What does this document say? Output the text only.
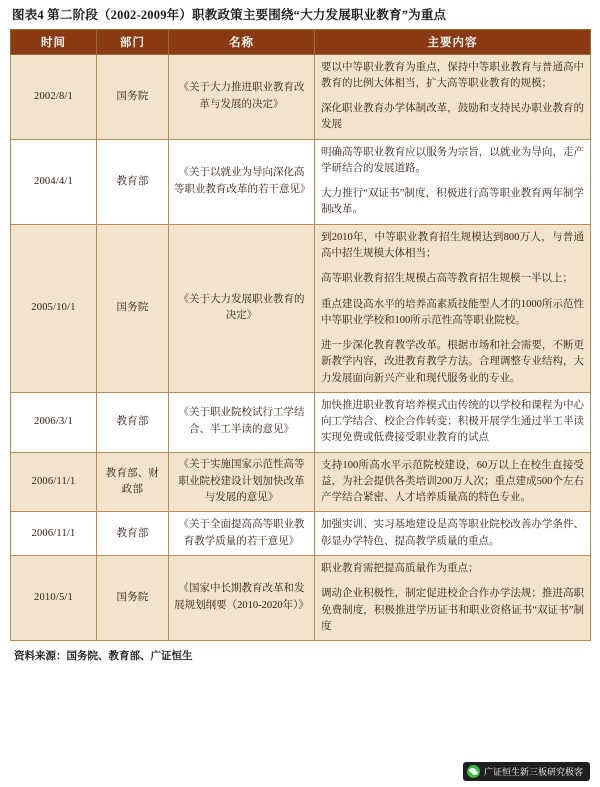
图表4 第二阶段（2002-2009年）职教政策主要围绕“大力发展职业教育”为重点
时间	部门	名称	主要内容
2002/8/1	国务院	《关于大力推进职业教育改革与发展的决定》	要以中等职业教育为重点，保持中等职业教育与普通高中教育的比例大体相当，扩大高等职业教育的规模；

深化职业教育办学体制改革，鼓励和支持民办职业教育的发展

2004/4/1	教育部	《关于以就业为导向深化高等职业教育改革的若干意见》	明确高等职业教育应以服务为宗旨，以就业为导向，走产学研结合的发展道路。

大力推行“双证书”制度，积极进行高等职业教育两年制学制改革。

2005/10/1	国务院	《关于大力发展职业教育的决定》	到2010年，中等职业教育招生规模达到800万人，与普通高中招生规模大体相当；

高等职业教育招生规模占高等教育招生规模一半以上；

重点建设高水平的培养高素质技能型人才的1000所示范性中等职业学校和100所示范性高等职业院校。

进一步深化教育教学改革。根据市场和社会需要，不断更新教学内容，改进教育教学方法。合理调整专业结构，大力发展面向新兴产业和现代服务业的专业。

2006/3/1	教育部	《关于职业院校试行工学结合、半工半读的意见》	加快推进职业教育培养模式由传统的以学校和课程为中心向工学结合、校企合作转变；积极开展学生通过半工半读实现免费或低费接受职业教育的试点

2006/11/1	教育部、财政部	《关于实施国家示范性高等职业院校建设计划加快改革与发展的意见》	支持100所高水平示范院校建设，60万以上在校生直接受益，为社会提供各类培训200万人次；重点建成500个左右产学结合紧密、人才培养质量高的特色专业。

2006/11/1	教育部	《关于全面提高高等职业教育教学质量的若干意见》	加强实训、实习基地建设是高等职业院校改善办学条件、彰显办学特色、提高教学质量的重点。

2010/5/1	国务院	《国家中长期教育改革和发展规划纲要（2010-2020年）》	职业教育需把提高质量作为重点；

调动企业积极性，制定促进校企合作办学法规；推进高职免费制度，积极推进学历证书和职业资格证书“双证书”制度

资料来源：国务院、教育部、广证恒生
广证恒生新三板研究极客
